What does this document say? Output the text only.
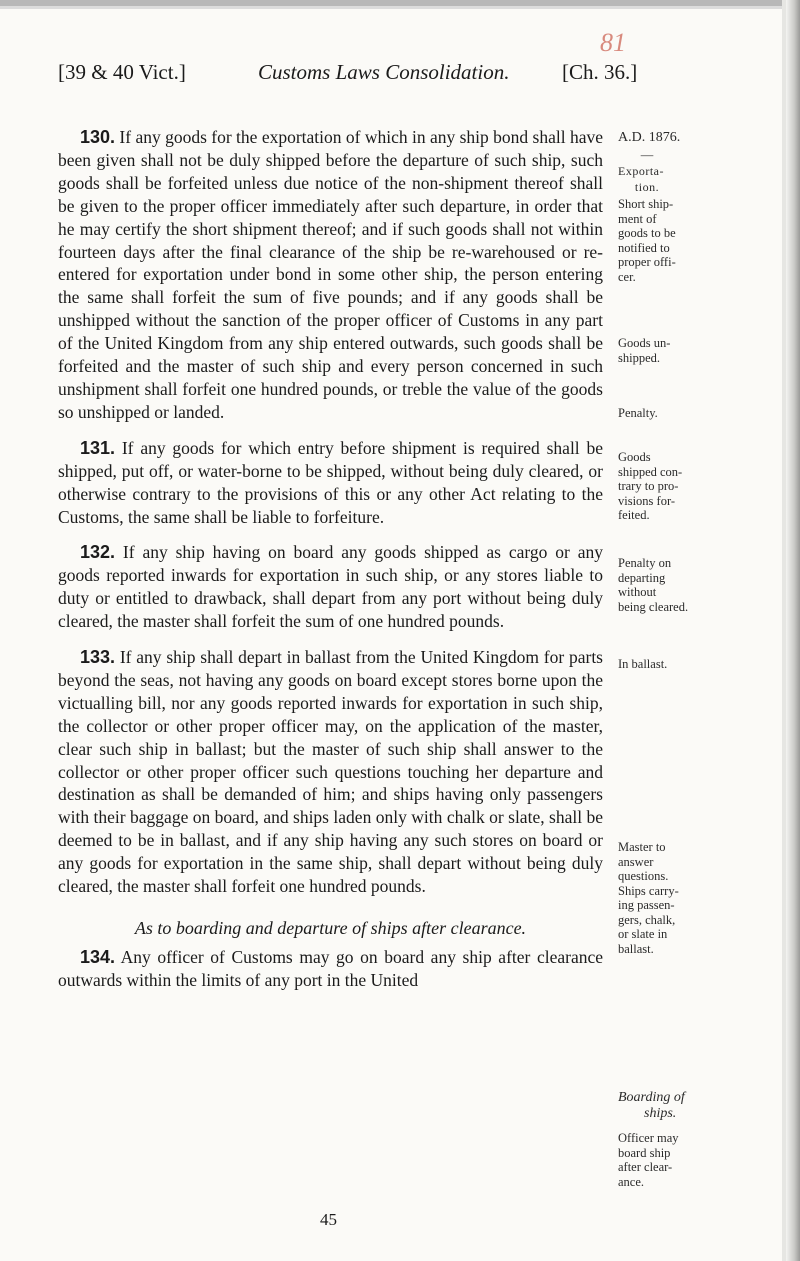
81
[39 & 40 Vict.]	Customs Laws Consolidation.	[Ch. 36.]

130. If any goods for the exportation of which in any ship bond shall have been given shall not be duly shipped before the departure of such ship, such goods shall be forfeited unless due notice of the non-shipment thereof shall be given to the proper officer immediately after such departure, in order that he may certify the short shipment thereof; and if such goods shall not within fourteen days after the final clearance of the ship be re-warehoused or re-entered for exportation under bond in some other ship, the person entering the same shall forfeit the sum of five pounds; and if any goods shall be unshipped without the sanction of the proper officer of Customs in any part of the United Kingdom from any ship entered outwards, such goods shall be forfeited and the master of such ship and every person concerned in such unshipment shall forfeit one hundred pounds, or treble the value of the goods so unshipped or landed.

131. If any goods for which entry before shipment is required shall be shipped, put off, or water-borne to be shipped, without being duly cleared, or otherwise contrary to the provisions of this or any other Act relating to the Customs, the same shall be liable to forfeiture.

132. If any ship having on board any goods shipped as cargo or any goods reported inwards for exportation in such ship, or any stores liable to duty or entitled to drawback, shall depart from any port without being duly cleared, the master shall forfeit the sum of one hundred pounds.

133. If any ship shall depart in ballast from the United Kingdom for parts beyond the seas, not having any goods on board except stores borne upon the victualling bill, nor any goods reported inwards for exportation in such ship, the collector or other proper officer may, on the application of the master, clear such ship in ballast; but the master of such ship shall answer to the collector or other proper officer such questions touching her departure and destination as shall be demanded of him; and ships having only passengers with their baggage on board, and ships laden only with chalk or slate, shall be deemed to be in ballast, and if any ship having any such stores on board or any goods for exportation in the same ship, shall depart without being duly cleared, the master shall forfeit one hundred pounds.

As to boarding and departure of ships after clearance.

134. Any officer of Customs may go on board any ship after clearance outwards within the limits of any port in the United

45
A.D. 1876.
—
Exporta-
tion.
Short ship-
ment of
goods to be
notified to
proper offi-
cer.
Goods un-
shipped.
Penalty.
Goods
shipped con-
trary to pro-
visions for-
feited.
Penalty on
departing
without
being cleared.
In ballast.
Master to
answer
questions.
Ships carry-
ing passen-
gers, chalk,
or slate in
ballast.
Boarding of
ships.
Officer may
board ship
after clear-
ance.
